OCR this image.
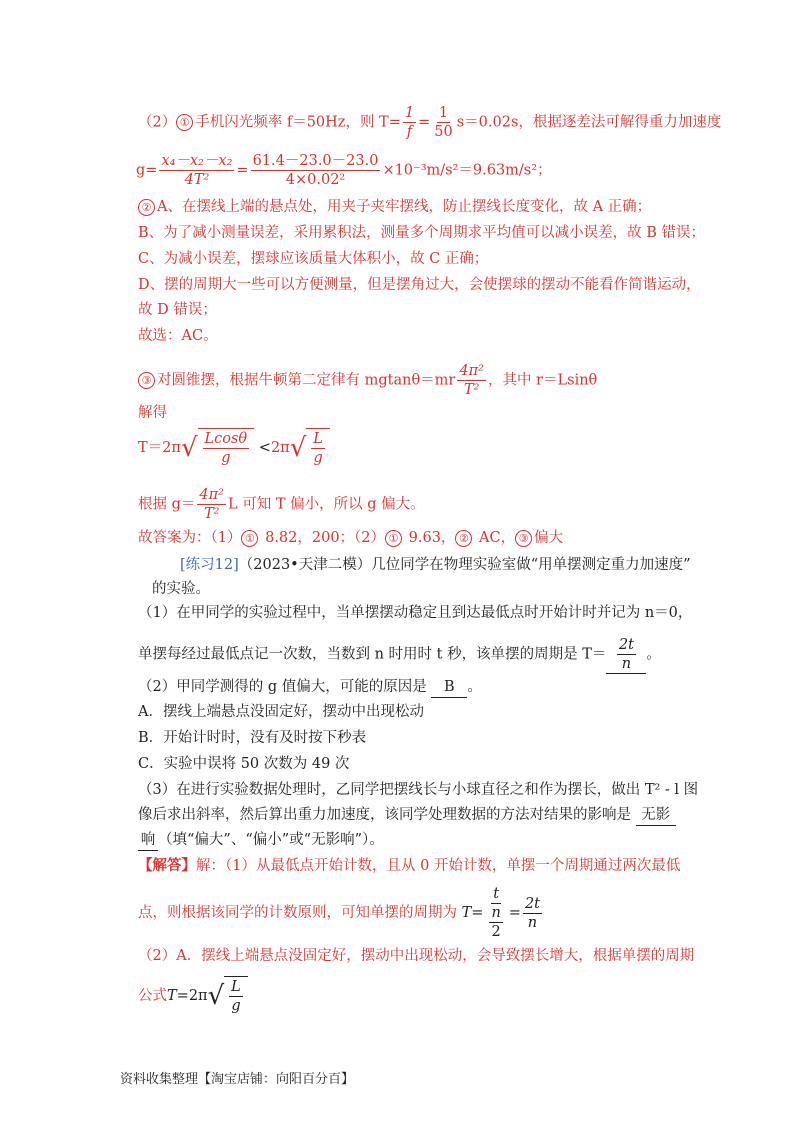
（2） ① 手机闪光频率 f＝50Hz，则 $T= \frac{1}{f} = \frac{1}{50} s=0.02s$，根据逐差法可解得重力加速度
$g= \frac{\text{x₄－x₂－x₂}}{\text{4T²}} = \frac{61.4-23.0-23.0}{\text{4×0.02²}} \times 10^{-3}m/s^2=9.63m/s^2$；
② A、在摆线上端的悬点处，用夹子夹牢摆线，防止摆线长度变化，故 A 正确；
B、为了减小测量误差，采用累积法，测量多个周期求平均值可以减小误差，故 B 错误；
C、为减小误差，摆球应该质量大体积小，故 C 正确；
D、摆的周期大一些可以方便测量，但是摆角过大，会使摆球的摆动不能看作简谐运动，
故 D 错误；
故选：AC。
③ 对圆锥摆，根据牛顿第二定律有 $mgtan\theta=mr \frac{\text{4π²}}{\text{T²}}$ ，其中 r＝Lsinθ
解得
T＝2π √ $\frac{Lcos\theta}{g} <2\pi$ √ $\frac{L}{g}$
根据 $g= \frac{\text{4π²}}{\text{T²}}$ L 可知 T 偏小，所以 g 偏大。
故答案为：（1） ① 8.82，200；（2） ① 9.63， ② AC， ③ 偏大
[练习12]（2023•天津二模）几位同学在物理实验室做“用单摆测定重力加速度”
的实验。
（1）在甲同学的实验过程中，当单摆摆动稳定且到达最低点时开始计时并记为 n＝0，
单摆每经过最低点记一次数，当数到 n 时用时 t 秒，该单摆的周期是 $T= \frac{2t}{n}$ 。
（2）甲同学测得的 g 值偏大，可能的原因是 B 。
A．摆线上端悬点没固定好，摆动中出现松动
B．开始计时时，没有及时按下秒表
C．实验中误将 50 次数为 49 次
（3）在进行实验数据处理时，乙同学把摆线长与小球直径之和作为摆长，做出 T² - l 图
像后求出斜率，然后算出重力加速度，该同学处理数据的方法对结果的影响是 无影
响 （填“偏大”、“偏小”或“无影响”）。
【解答】解：（1）从最低点开始计数，且从 0 开始计数，单摆一个周期通过两次最低
点，则根据该同学的计数原则，可知单摆的周期为 $T= \frac{t}{\frac{n}{2}} = \frac{2t}{n}$
（2）A．摆线上端悬点没固定好，摆动中出现松动，会导致摆长增大，根据单摆的周期
公式T=2π √ $\frac{L}{g}$
资料收集整理【淘宝店铺：向阳百分百】
